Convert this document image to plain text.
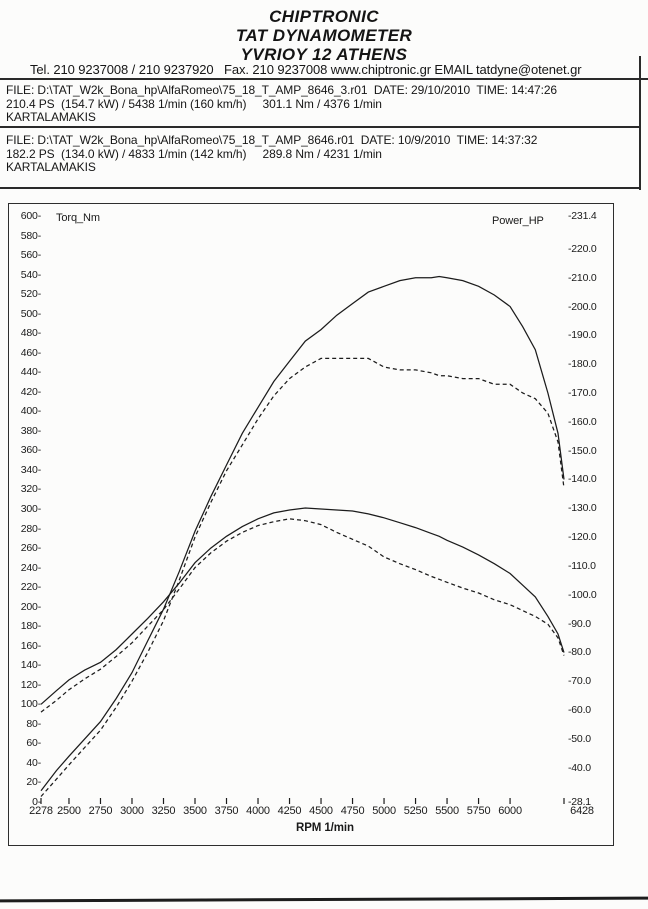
CHIPTRONIC
TAT DYNAMOMETER
YVRIOY 12 ATHENS
Tel. 210 9237008 / 210 9237920   Fax. 210 9237008 www.chiptronic.gr EMAIL tatdyne@otenet.gr
FILE: D:\TAT_W2k_Bona_hp\AlfaRomeo\75_18_T_AMP_8646_3.r01  DATE: 29/10/2010  TIME: 14:47:26
210.4 PS  (154.7 kW) / 5438 1/min (160 km/h)     301.1 Nm / 4376 1/min
KARTALAMAKIS
FILE: D:\TAT_W2k_Bona_hp\AlfaRomeo\75_18_T_AMP_8646.r01  DATE: 10/9/2010  TIME: 14:37:32
182.2 PS  (134.0 kW) / 4833 1/min (142 km/h)     289.8 Nm / 4231 1/min
KARTALAMAKIS
Torq_Nm	Power_HP
RPM 1/min
600-
580-
560-
540-
520-
500-
480-
460-
440-
420-
400-
380-
360-
340-
320-
300-
280-
260-
240-
220-
200-
180-
160-
140-
120-
100-
80-
60-
40-
20-
0-
-231.4
-220.0
-210.0
-200.0
-190.0
-180.0
-170.0
-160.0
-150.0
-140.0
-130.0
-120.0
-110.0
-100.0
-90.0
-80.0
-70.0
-60.0
-50.0
-40.0
-28.1
2278 2500 2750 3000 3250 3500 3750 4000 4250 4500 4750 5000 5250 5500 5750 6000	6428
